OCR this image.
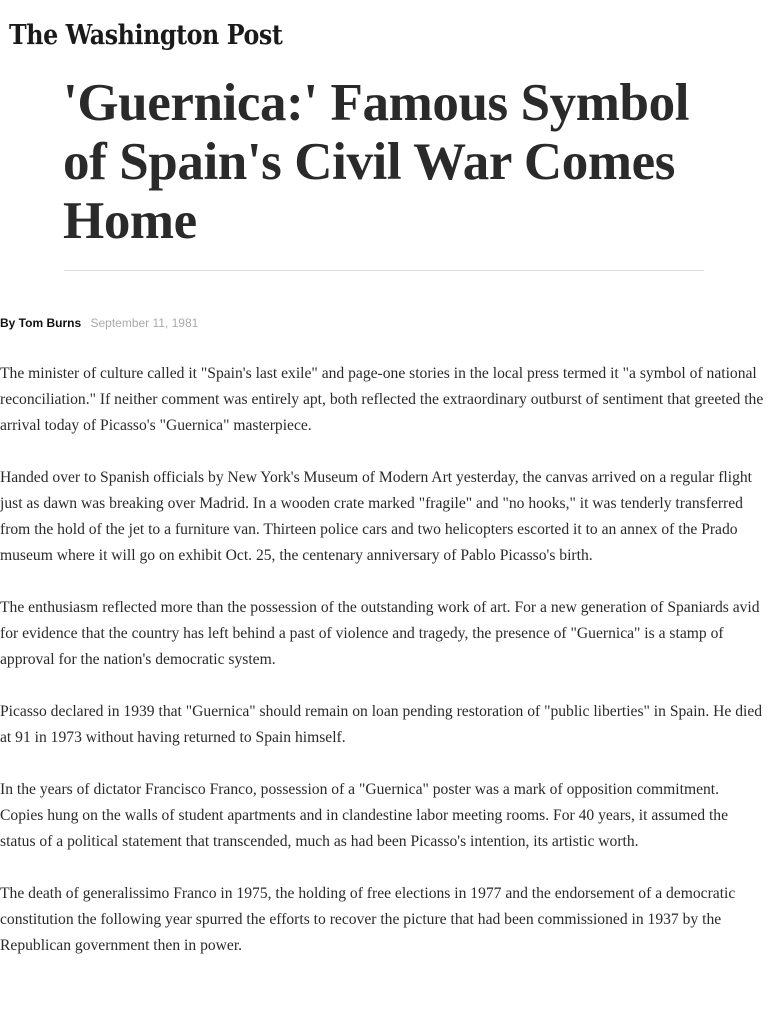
The Washington Post
'Guernica:' Famous Symbol of Spain's Civil War Comes Home
By Tom Burns September 11, 1981

The minister of culture called it "Spain's last exile" and page-one stories in the local press termed it "a symbol of national reconciliation." If neither comment was entirely apt, both reflected the extraordinary outburst of sentiment that greeted the arrival today of Picasso's "Guernica" masterpiece.

Handed over to Spanish officials by New York's Museum of Modern Art yesterday, the canvas arrived on a regular flight just as dawn was breaking over Madrid. In a wooden crate marked "fragile" and "no hooks," it was tenderly transferred from the hold of the jet to a furniture van. Thirteen police cars and two helicopters escorted it to an annex of the Prado museum where it will go on exhibit Oct. 25, the centenary anniversary of Pablo Picasso's birth.

The enthusiasm reflected more than the possession of the outstanding work of art. For a new generation of Spaniards avid for evidence that the country has left behind a past of violence and tragedy, the presence of "Guernica" is a stamp of approval for the nation's democratic system.

Picasso declared in 1939 that "Guernica" should remain on loan pending restoration of "public liberties" in Spain. He died at 91 in 1973 without having returned to Spain himself.

In the years of dictator Francisco Franco, possession of a "Guernica" poster was a mark of opposition commitment. Copies hung on the walls of student apartments and in clandestine labor meeting rooms. For 40 years, it assumed the status of a political statement that transcended, much as had been Picasso's intention, its artistic worth.

The death of generalissimo Franco in 1975, the holding of free elections in 1977 and the endorsement of a democratic constitution the following year spurred the efforts to recover the picture that had been commissioned in 1937 by the Republican government then in power.
